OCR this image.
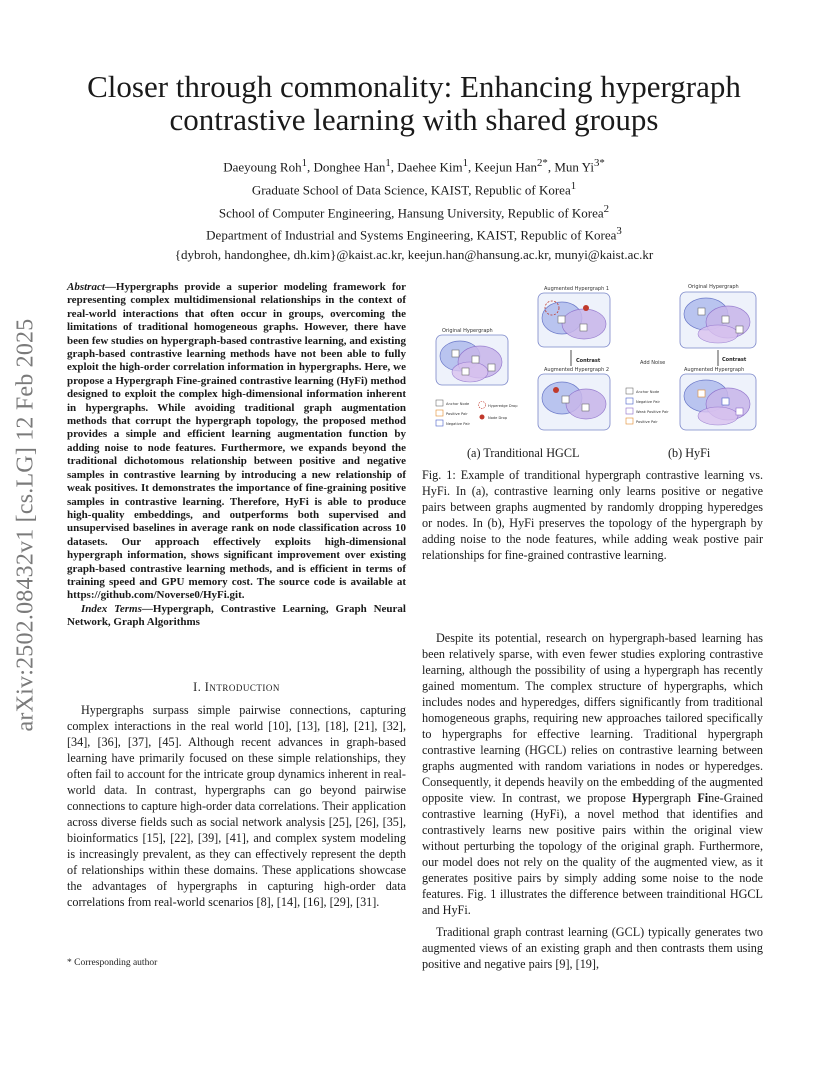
arXiv:2502.08432v1 [cs.LG] 12 Feb 2025
Closer through commonality: Enhancing hypergraph contrastive learning with shared groups
Daeyoung Roh$^1$, Donghee Han$^1$, Daehee Kim$^1$, Keejun Han$^{2*}$, Mun $Yi^{3*}$
Graduate School of Data Science, KAIST, Republic of Korea$^1$
School of Computer Engineering, Hansung University, Republic of Korea$^2$
Department of Industrial and Systems Engineering, KAIST, Republic of Korea$^3$
{dybroh, handonghee, dh.kim}@kaist.ac.kr, keejun.han@hansung.ac.kr, munyi@kaist.ac.kr
Abstract—Hypergraphs provide a superior modeling framework for representing complex multidimensional relationships in the context of real-world interactions that often occur in groups, overcoming the limitations of traditional homogeneous graphs. However, there have been few studies on hypergraph-based contrastive learning, and existing graph-based contrastive learning methods have not been able to fully exploit the high-order correlation information in hypergraphs. Here, we propose a Hypergraph Fine-grained contrastive learning (HyFi) method designed to exploit the complex high-dimensional information inherent in hypergraphs. While avoiding traditional graph augmentation methods that corrupt the hypergraph topology, the proposed method provides a simple and efficient learning augmentation function by adding noise to node features. Furthermore, we expands beyond the traditional dichotomous relationship between positive and negative samples in contrastive learning by introducing a new relationship of weak positives. It demonstrates the importance of fine-graining positive samples in contrastive learning. Therefore, HyFi is able to produce high-quality embeddings, and outperforms both supervised and unsupervised baselines in average rank on node classification across 10 datasets. Our approach effectively exploits high-dimensional hypergraph information, shows significant improvement over existing graph-based contrastive learning methods, and is efficient in terms of training speed and GPU memory cost. The source code is available at https://github.com/Noverse0/HyFi.git.
Index Terms—Hypergraph, Contrastive Learning, Graph Neural Network, Graph Algorithms
I. Introduction

Hypergraphs surpass simple pairwise connections, capturing complex interactions in the real world [10], [13], [18], [21], [32], [34], [36], [37], [45]. Although recent advances in graph-based learning have primarily focused on these simple relationships, they often fail to account for the intricate group dynamics inherent in real-world data. In contrast, hypergraphs can go beyond pairwise connections to capture high-order data correlations. Their application across diverse fields such as social network analysis [25], [26], [35], bioinformatics [15], [22], [39], [41], and complex system modeling is increasingly prevalent, as they can effectively represent the depth of relationships within these domains. These applications showcase the advantages of hypergraphs in capturing high-order data correlations from real-world scenarios [8], [14], [16], [29], [31].

* Corresponding author
Original Hypergraph
Augmented Hypergraph 1
Contrast
Augmented Hypergraph 2
Anchor Node
Positive Pair
Negative Pair
Hyperedge Drop
Node Drop
Original Hypergraph
Add Noise	Contrast
Augmented Hypergraph
Anchor Node
Negative Pair
Weak Positive Pair
Positive Pair
(a) Tranditional HGCL	(b) HyFi
Fig. 1: Example of tranditional hypergraph contrastive learning vs. HyFi. In (a), contrastive learning only learns positive or negative pairs between graphs augmented by randomly dropping hyperedges or nodes. In (b), HyFi preserves the topology of the hypergraph by adding noise to the node features, while adding weak postive pair relationships for fine-grained contrastive learning.

Despite its potential, research on hypergraph-based learning has been relatively sparse, with even fewer studies exploring contrastive learning, although the possibility of using a hypergraph has recently gained momentum. The complex structure of hypergraphs, which includes nodes and hyperedges, differs significantly from traditional homogeneous graphs, requiring new approaches tailored specifically to hypergraphs for effective learning. Traditional hypergraph contrastive learning (HGCL) relies on contrastive learning between graphs augmented with random variations in nodes or hyperedges. Consequently, it depends heavily on the embedding of the augmented opposite view. In contrast, we propose Hypergraph Fine-Grained contrastive learning (HyFi), a novel method that identifies and contrastively learns new positive pairs within the original view without perturbing the topology of the original graph. Furthermore, our model does not rely on the quality of the augmented view, as it generates positive pairs by simply adding some noise to the node features. Fig. 1 illustrates the difference between trainditional HGCL and HyFi.

Traditional graph contrast learning (GCL) typically generates two augmented views of an existing graph and then contrasts them using positive and negative pairs [9], [19],
